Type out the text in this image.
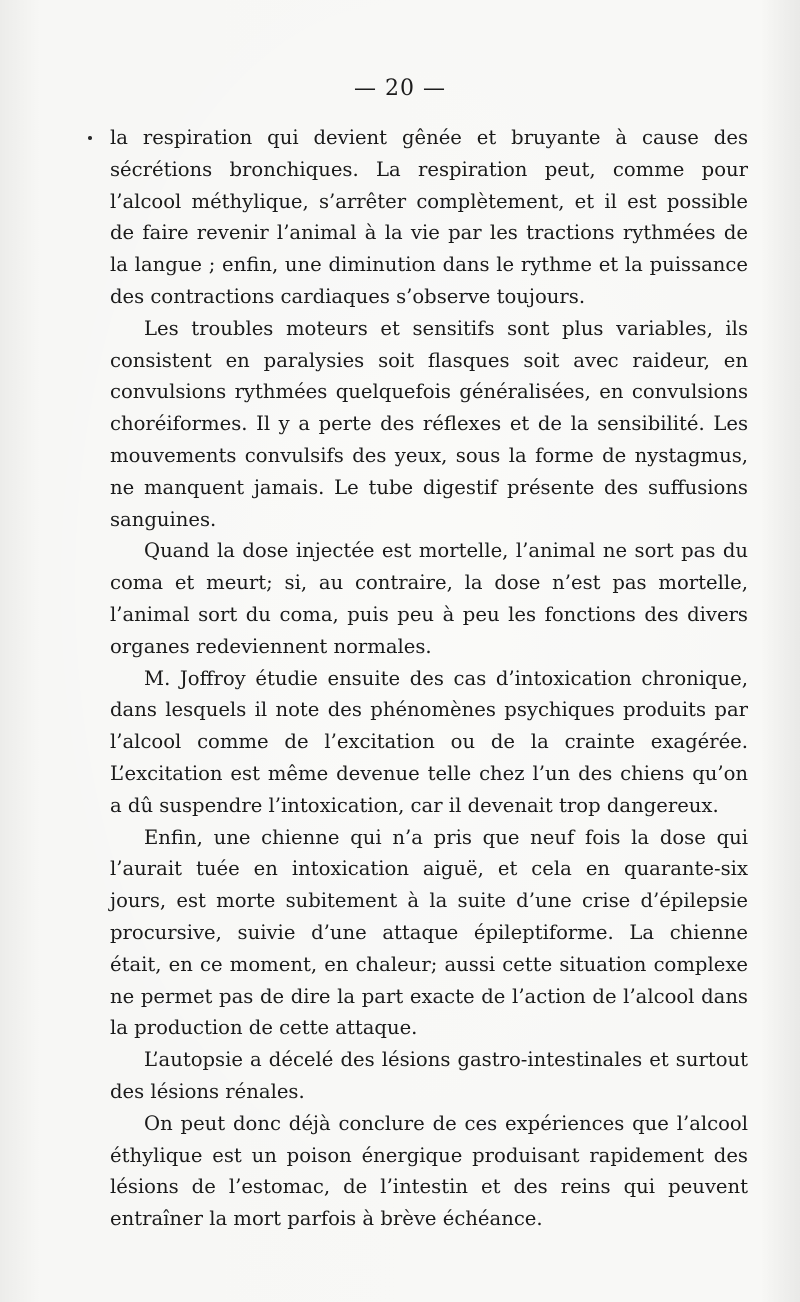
— 20 —

la respiration qui devient gênée et bruyante à cause des sécrétions bronchiques. La respiration peut, comme pour l’alcool méthylique, s’arrêter complètement, et il est possible de faire revenir l’animal à la vie par les tractions rythmées de la langue ; enfin, une diminution dans le rythme et la puissance des contractions cardiaques s’observe toujours.

Les troubles moteurs et sensitifs sont plus variables, ils consistent en paralysies soit flasques soit avec raideur, en convulsions rythmées quelquefois généralisées, en convulsions choréiformes. Il y a perte des réflexes et de la sensibilité. Les mouvements convulsifs des yeux, sous la forme de nystagmus, ne manquent jamais. Le tube digestif présente des suffusions sanguines.

Quand la dose injectée est mortelle, l’animal ne sort pas du coma et meurt; si, au contraire, la dose n’est pas mortelle, l’animal sort du coma, puis peu à peu les fonctions des divers organes redeviennent normales.

M. Joffroy étudie ensuite des cas d’intoxication chronique, dans lesquels il note des phénomènes psychiques produits par l’alcool comme de l’excitation ou de la crainte exagérée. L’excitation est même devenue telle chez l’un des chiens qu’on a dû suspendre l’intoxication, car il devenait trop dangereux.

Enfin, une chienne qui n’a pris que neuf fois la dose qui l’aurait tuée en intoxication aiguë, et cela en quarante-six jours, est morte subitement à la suite d’une crise d’épilepsie procursive, suivie d’une attaque épileptiforme. La chienne était, en ce moment, en chaleur; aussi cette situation complexe ne permet pas de dire la part exacte de l’action de l’alcool dans la production de cette attaque.

L’autopsie a décelé des lésions gastro-intestinales et surtout des lésions rénales.

On peut donc déjà conclure de ces expériences que l’alcool éthylique est un poison énergique produisant rapidement des lésions de l’estomac, de l’intestin et des reins qui peuvent entraîner la mort parfois à brève échéance.
